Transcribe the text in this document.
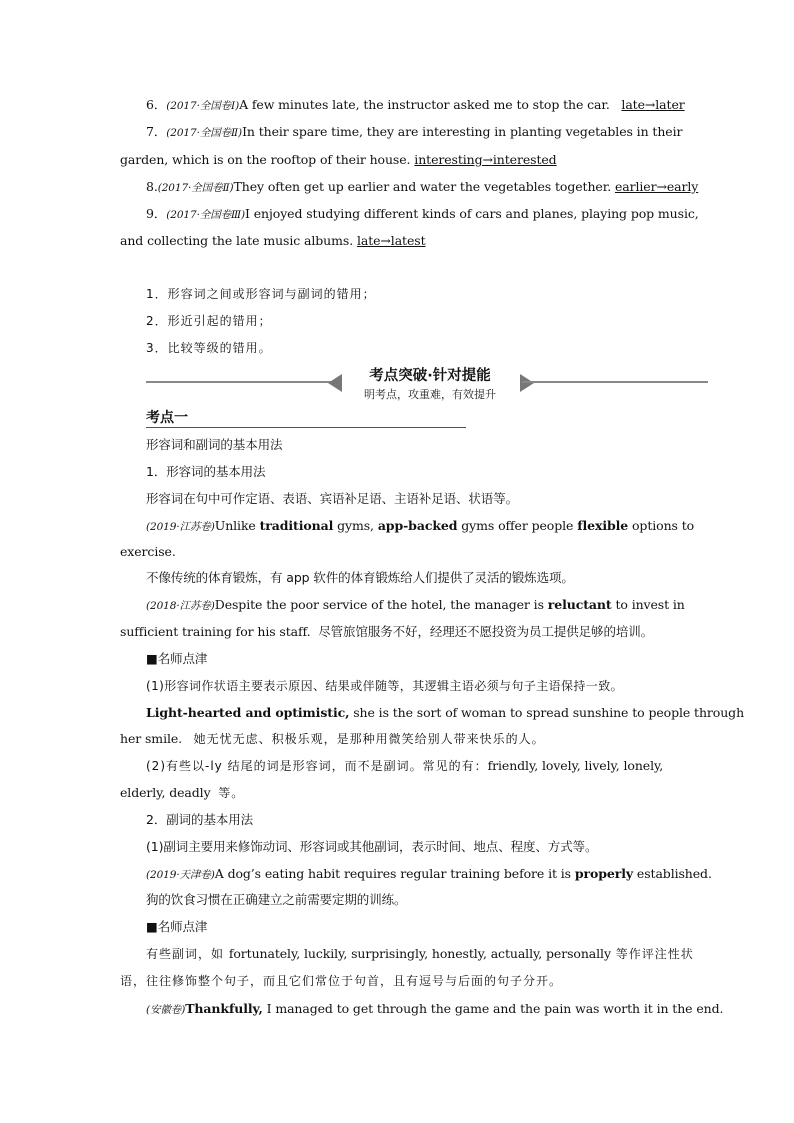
6．(2017·全国卷Ⅰ)A few minutes late, the instructor asked me to stop the car. late→later
7．(2017·全国卷Ⅱ)In their spare time, they are interesting in planting vegetables in their
garden, which is on the rooftop of their house. interesting→interested
8.(2017·全国卷Ⅱ)They often get up earlier and water the vegetables together. earlier→early
9．(2017·全国卷Ⅲ)I enjoyed studying different kinds of cars and planes, playing pop music,
and collecting the late music albums. late→latest
1．形容词之间或形容词与副词的错用；
2．形近引起的错用；
3．比较等级的错用。
考点突破·针对提能
明考点，攻重难，有效提升
考点一
形容词和副词的基本用法
1．形容词的基本用法
形容词在句中可作定语、表语、宾语补足语、主语补足语、状语等。
(2019·江苏卷)Unlike traditional gyms, app-backed gyms offer people flexible options to
exercise.
不像传统的体育锻炼，有 app 软件的体育锻炼给人们提供了灵活的锻炼选项。
(2018·江苏卷)Despite the poor service of the hotel, the manager is reluctant to invest in
sufficient training for his staff. 尽管旅馆服务不好，经理还不愿投资为员工提供足够的培训。
■名师点津
(1)形容词作状语主要表示原因、结果或伴随等，其逻辑主语必须与句子主语保持一致。
Light-hearted and optimistic, she is the sort of woman to spread sunshine to people through
her smile. 她无忧无虑、积极乐观，是那种用微笑给别人带来快乐的人。
(2)有些以-ly 结尾的词是形容词，而不是副词。常见的有：friendly, lovely, lively, lonely,
elderly, deadly 等。
2．副词的基本用法
(1)副词主要用来修饰动词、形容词或其他副词，表示时间、地点、程度、方式等。
(2019·天津卷)A dog’s eating habit requires regular training before it is properly established.
狗的饮食习惯在正确建立之前需要定期的训练。
■名师点津
有些副词，如 fortunately, luckily, surprisingly, honestly, actually, personally 等作评注性状
语，往往修饰整个句子，而且它们常位于句首，且有逗号与后面的句子分开。
(安徽卷)Thankfully, I managed to get through the game and the pain was worth it in the end.
